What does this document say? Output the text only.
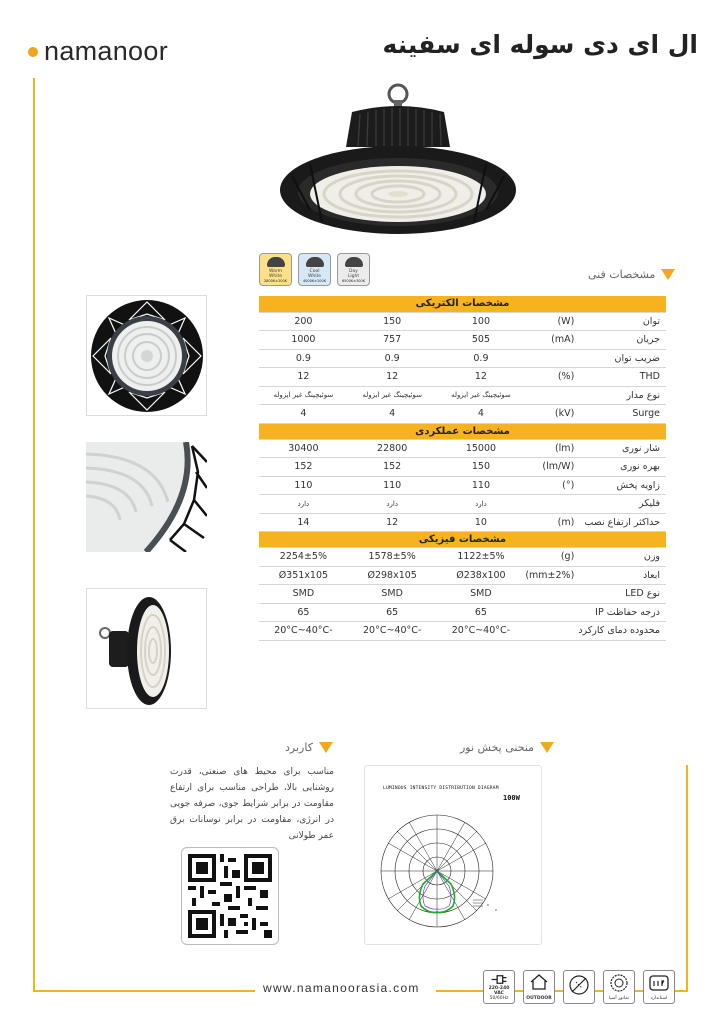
namanoor	ال ای دی سوله ای سفینه
Warm
White
2800K±200K
Cool
White
4000K±200K
Day
Light
6500K±300K	مشخصات فنی
مشخصات الکتریکی				
توان	(W)	100	150	200
جریان	(mA)	505	757	1000
ضریب توان		0.9	0.9	0.9
THD	(%)	12	12	12
نوع مدار		سوئیچینگ غیر ایزوله	سوئیچینگ غیر ایزوله	سوئیچینگ غیر ایزوله
Surge	(kV)	4	4	4
مشخصات عملکردی				
شار نوری	(lm)	15000	22800	30400
بهره نوری	(lm/W)	150	152	152
زاویه پخش	(°)	110	110	110
فلیکر		دارد	دارد	دارد
حداکثر ارتفاع نصب	(m)	10	12	14
مشخصات فیزیکی				
وزن	(g)	1122±5%	1578±5%	2254±5%
ابعاد	(mm±2%)	Ø238x100	Ø298x105	Ø351x105
نوع LED		SMD	SMD	SMD
درجه حفاظت IP		65	65	65
محدوده دمای کارکرد		-20°C~40°C	-20°C~40°C	-20°C~40°C
کاربرد
مناسب برای محیط های صنعتی، قدرت روشنایی بالا، طراحی مناسب برای ارتفاع مقاومت در برابر شرایط جوی، صرفه جویی در انرژی، مقاومت در برابر نوسانات برق عمر طولانی
منحنی پخش نور
LUMINOUS INTENSITY DISTRIBUTION DIAGRAM
100W
0
0
www.namanoorasia.com	220-240 VAC
50/60Hz	OUTDOOR	نمانور آسیا	استاندارد
